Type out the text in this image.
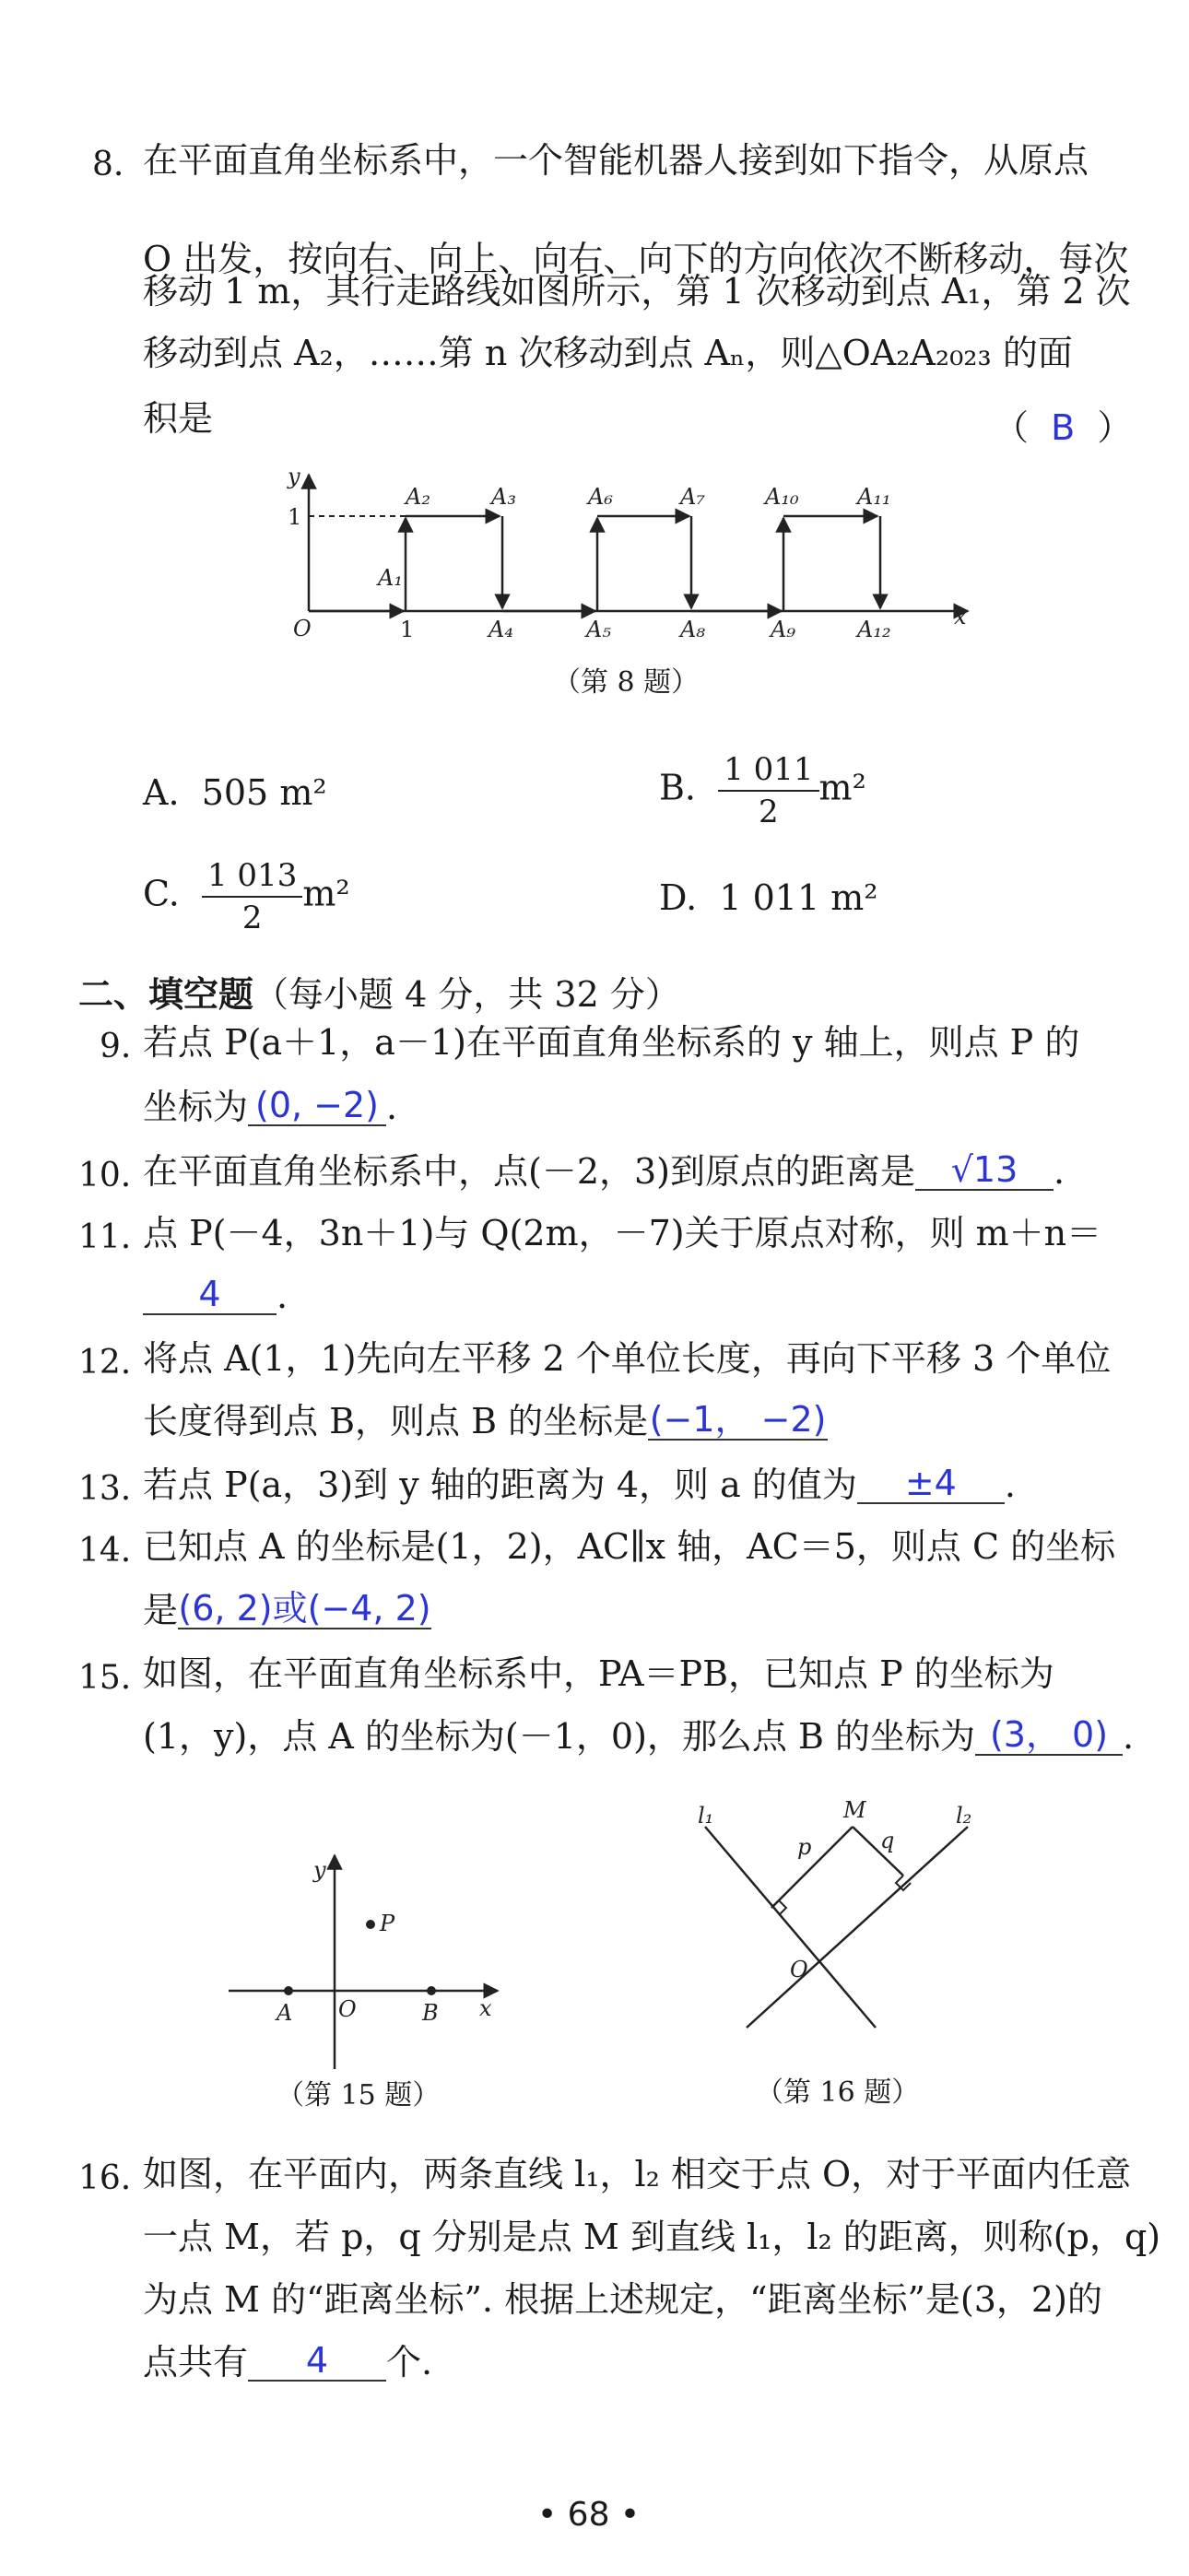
8. 在平面直角坐标系中，一个智能机器人接到如下指令，从原点
O 出发，按向右、向上、向右、向下的方向依次不断移动，每次
移动 1 m，其行走路线如图所示，第 1 次移动到点 A₁，第 2 次
移动到点 A₂，……第 n 次移动到点 Aₙ，则△OA₂A₂₀₂₃ 的面
积是	（  B  ）
y
x
O
A₁
A₂	A₃
A₄	A₅
A₆	A₇
A₈	A₉
A₁₀	A₁₁
A₁₂
1
1
（第 8 题）
A. 505 m²	B. $\frac{1 011}{2} m^2$
C. $\frac{1 013}{2} m^2$	D. 1 011 m²
二、填空题（每小题 4 分，共 32 分）
9. 若点 P(a＋1，a－1)在平面直角坐标系的 y 轴上，则点 P 的
坐标为 (0, −2) .
10. 在平面直角坐标系中，点(－2，3)到原点的距离是 √13 .
11. 点 P(－4，3n＋1)与 Q(2m，－7)关于原点对称，则 m＋n＝
4 .
12. 将点 A(1，1)先向左平移 2 个单位长度，再向下平移 3 个单位
长度得到点 B，则点 B 的坐标是(−1， −2)
13. 若点 P(a，3)到 y 轴的距离为 4，则 a 的值为 ±4 .
14. 已知点 A 的坐标是(1，2)，AC∥x 轴，AC＝5，则点 C 的坐标
是(6, 2)或(−4, 2)
15. 如图，在平面直角坐标系中，PA＝PB，已知点 P 的坐标为
(1，y)，点 A 的坐标为(－1，0)，那么点 B 的坐标为 (3， 0) .
y
x
O
A	B
P
（第 15 题）
l₁	l₂
M
p	q
O
（第 16 题）
16. 如图，在平面内，两条直线 l₁，l₂ 相交于点 O，对于平面内任意
一点 M，若 p，q 分别是点 M 到直线 l₁，l₂ 的距离，则称(p，q)
为点 M 的“距离坐标”. 根据上述规定，“距离坐标”是(3，2)的
点共有 4 个.
• 68 •
